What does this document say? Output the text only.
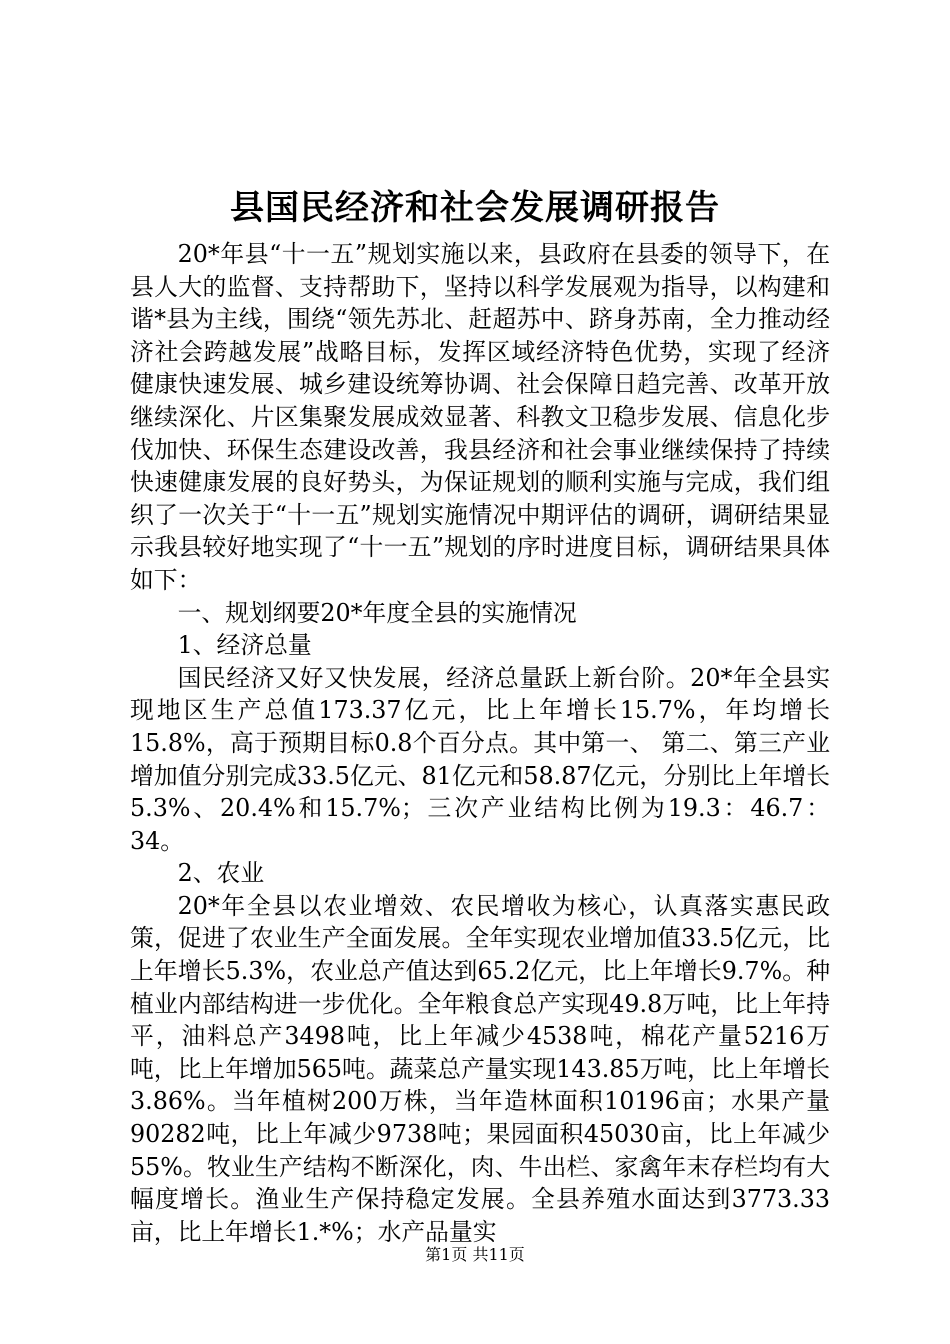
县国民经济和社会发展调研报告

20*年县“十一五”规划实施以来，县政府在县委的领导下，在县人大的监督、支持帮助下，坚持以科学发展观为指导，以构建和谐*县为主线，围绕“领先苏北、赶超苏中、跻身苏南，全力推动经济社会跨越发展”战略目标，发挥区域经济特色优势，实现了经济健康快速发展、城乡建设统筹协调、社会保障日趋完善、改革开放继续深化、片区集聚发展成效显著、科教文卫稳步发展、信息化步伐加快、环保生态建设改善，我县经济和社会事业继续保持了持续快速健康发展的良好势头，为保证规划的顺利实施与完成，我们组织了一次关于“十一五”规划实施情况中期评估的调研，调研结果显示我县较好地实现了“十一五”规划的序时进度目标，调研结果具体如下：

一、规划纲要20*年度全县的实施情况

1、经济总量

国民经济又好又快发展，经济总量跃上新台阶。20*年全县实现地区生产总值173.37亿元，比上年增长15.7%，年均增长15.8%，高于预期目标0.8个百分点。其中第一、 第二、第三产业增加值分别完成33.5亿元、81亿元和58.87亿元，分别比上年增长5.3%、20.4%和15.7%；三次产业结构比例为19.3：46.7：34。

2、农业

20*年全县以农业增效、农民增收为核心，认真落实惠民政策，促进了农业生产全面发展。全年实现农业增加值33.5亿元，比上年增长5.3%，农业总产值达到65.2亿元，比上年增长9.7%。种植业内部结构进一步优化。全年粮食总产实现49.8万吨，比上年持平，油料总产3498吨，比上年减少4538吨，棉花产量5216万吨，比上年增加565吨。蔬菜总产量实现143.85万吨，比上年增长3.86%。当年植树200万株，当年造林面积10196亩；水果产量90282吨，比上年减少9738吨；果园面积45030亩，比上年减少55%。牧业生产结构不断深化，肉、牛出栏、家禽年末存栏均有大幅度增长。渔业生产保持稳定发展。全县养殖水面达到3773.33亩，比上年增长1.*%；水产品量实

第1页 共11页
